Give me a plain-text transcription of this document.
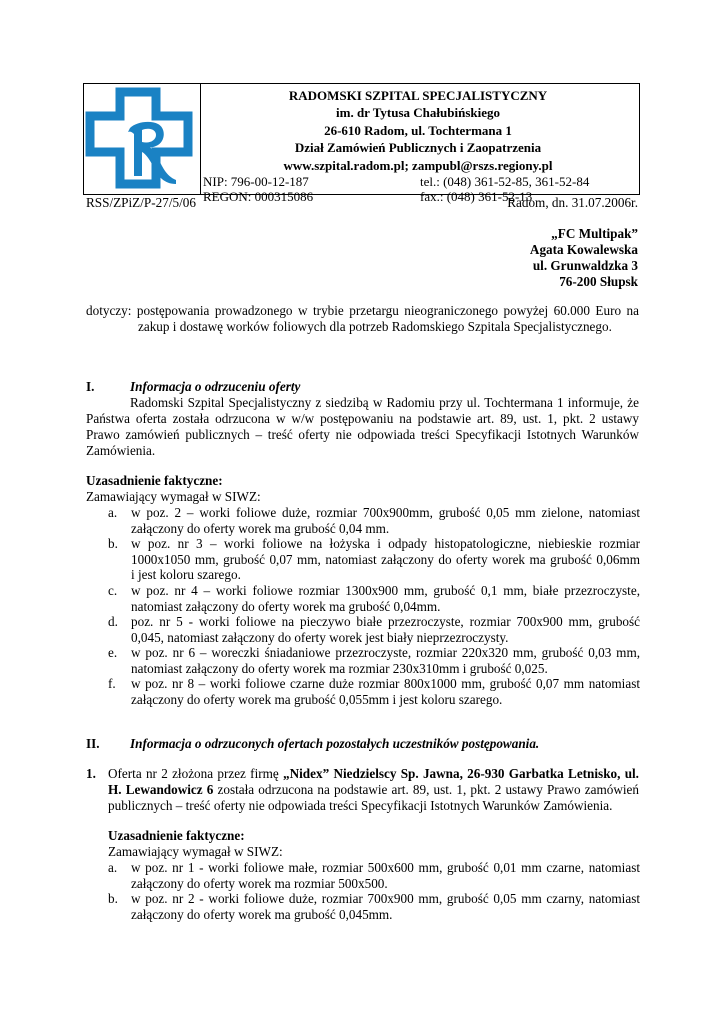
RADOMSKI SZPITAL SPECJALISTYCZNY
im. dr Tytusa Chałubińskiego
26-610 Radom, ul. Tochtermana 1
Dział Zamówień Publicznych i Zaopatrzenia
www.szpital.radom.pl; zampubl@rszs.regiony.pl
NIP: 796-00-12-187	tel.: (048) 361-52-85, 361-52-84
REGON: 000315086	fax.: (048) 361-52-13
RSS/ZPiZ/P-27/5/06	Radom, dn. 31.07.2006r.
„FC Multipak”
Agata Kowalewska
ul. Grunwaldzka 3
76-200 Słupsk
dotyczy: postępowania prowadzonego w trybie przetargu nieograniczonego powyżej 60.000 Euro na
zakup i dostawę worków foliowych dla potrzeb Radomskiego Szpitala Specjalistycznego.
I.	Informacja o odrzuceniu oferty
Radomski Szpital Specjalistyczny z siedzibą w Radomiu przy ul. Tochtermana 1 informuje, że
Państwa oferta została odrzucona w w/w postępowaniu na podstawie art. 89, ust. 1, pkt. 2 ustawy
Prawo zamówień publicznych – treść oferty nie odpowiada treści Specyfikacji Istotnych Warunków
Zamówienia.
Uzasadnienie faktyczne:
Zamawiający wymagał w SIWZ:
a. w poz. 2 – worki foliowe duże, rozmiar 700x900mm, grubość 0,05 mm zielone, natomiast
załączony do oferty worek ma grubość 0,04 mm.
b. w poz. nr 3 – worki foliowe na łożyska i odpady histopatologiczne, niebieskie rozmiar
1000x1050 mm, grubość 0,07 mm, natomiast załączony do oferty worek ma grubość 0,06mm
i jest koloru szarego.
c. w poz. nr 4 – worki foliowe rozmiar 1300x900 mm, grubość 0,1 mm, białe przezroczyste,
natomiast załączony do oferty worek ma grubość 0,04mm.
d. poz. nr 5 - worki foliowe na pieczywo białe przezroczyste, rozmiar 700x900 mm, grubość
0,045, natomiast załączony do oferty worek jest biały nieprzezroczysty.
e. w poz. nr 6 – woreczki śniadaniowe przezroczyste, rozmiar 220x320 mm, grubość 0,03 mm,
natomiast załączony do oferty worek ma rozmiar 230x310mm i grubość 0,025.
f. w poz. nr 8 – worki foliowe czarne duże rozmiar 800x1000 mm, grubość 0,07 mm natomiast
załączony do oferty worek ma grubość 0,055mm i jest koloru szarego.
II. Informacja o odrzuconych ofertach pozostałych uczestników postępowania.
1. Oferta nr 2 złożona przez firmę „Nidex” Niedzielscy Sp. Jawna, 26-930 Garbatka Letnisko, ul.
H. Lewandowicz 6 została odrzucona na podstawie art. 89, ust. 1, pkt. 2 ustawy Prawo zamówień
publicznych – treść oferty nie odpowiada treści Specyfikacji Istotnych Warunków Zamówienia.
Uzasadnienie faktyczne:
Zamawiający wymagał w SIWZ:
a. w poz. nr 1 - worki foliowe małe, rozmiar 500x600 mm, grubość 0,01 mm czarne, natomiast
załączony do oferty worek ma rozmiar 500x500.
b. w poz. nr 2 - worki foliowe duże, rozmiar 700x900 mm, grubość 0,05 mm czarny, natomiast
załączony do oferty worek ma grubość 0,045mm.
